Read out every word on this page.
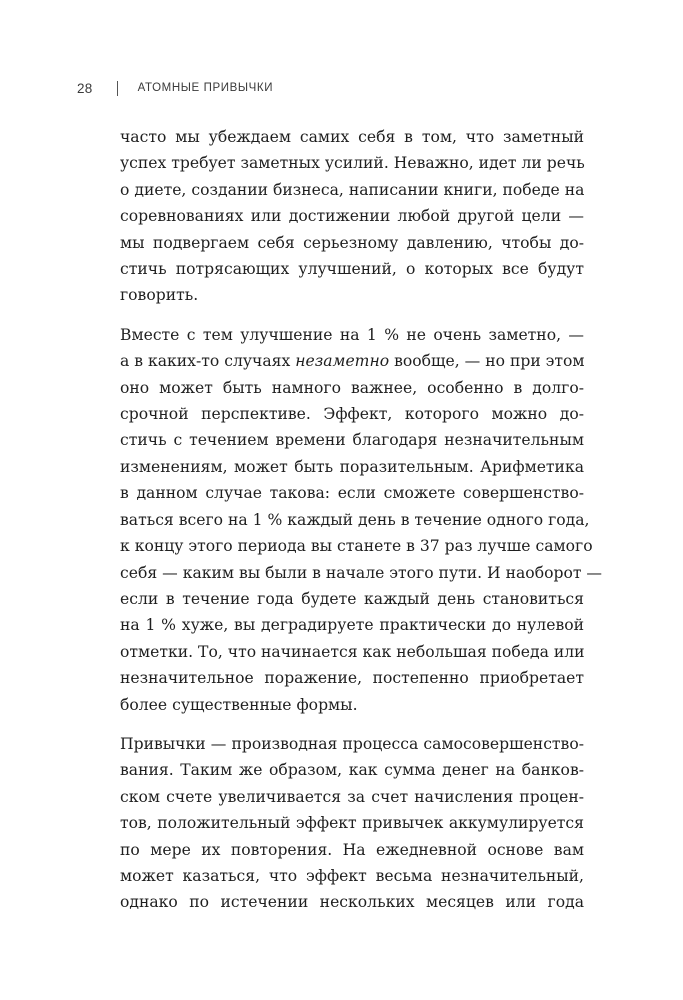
28	АТОМНЫЕ ПРИВЫЧКИ

часто мы убеждаем самих себя в том, что заметный
успех требует заметных усилий. Неважно, идет ли речь
о диете, создании бизнеса, написании книги, победе на
соревнованиях или достижении любой другой цели —
мы подвергаем себя серьезному давлению, чтобы до-
стичь потрясающих улучшений, о которых все будут
говорить.

Вместе с тем улучшение на 1 % не очень заметно, —
а в каких-то случаях незаметно вообще, — но при этом
оно может быть намного важнее, особенно в долго-
срочной перспективе. Эффект, которого можно до-
стичь с течением времени благодаря незначительным
изменениям, может быть поразительным. Арифметика
в данном случае такова: если сможете совершенство-
ваться всего на 1 % каждый день в течение одного года,
к концу этого периода вы станете в 37 раз лучше самого
себя — каким вы были в начале этого пути. И наоборот —
если в течение года будете каждый день становиться
на 1 % хуже, вы деградируете практически до нулевой
отметки. То, что начинается как небольшая победа или
незначительное поражение, постепенно приобретает
более существенные формы.

Привычки — производная процесса самосовершенство-
вания. Таким же образом, как сумма денег на банков-
ском счете увеличивается за счет начисления процен-
тов, положительный эффект привычек аккумулируется
по мере их повторения. На ежедневной основе вам
может казаться, что эффект весьма незначительный,
однако по истечении нескольких месяцев или года
